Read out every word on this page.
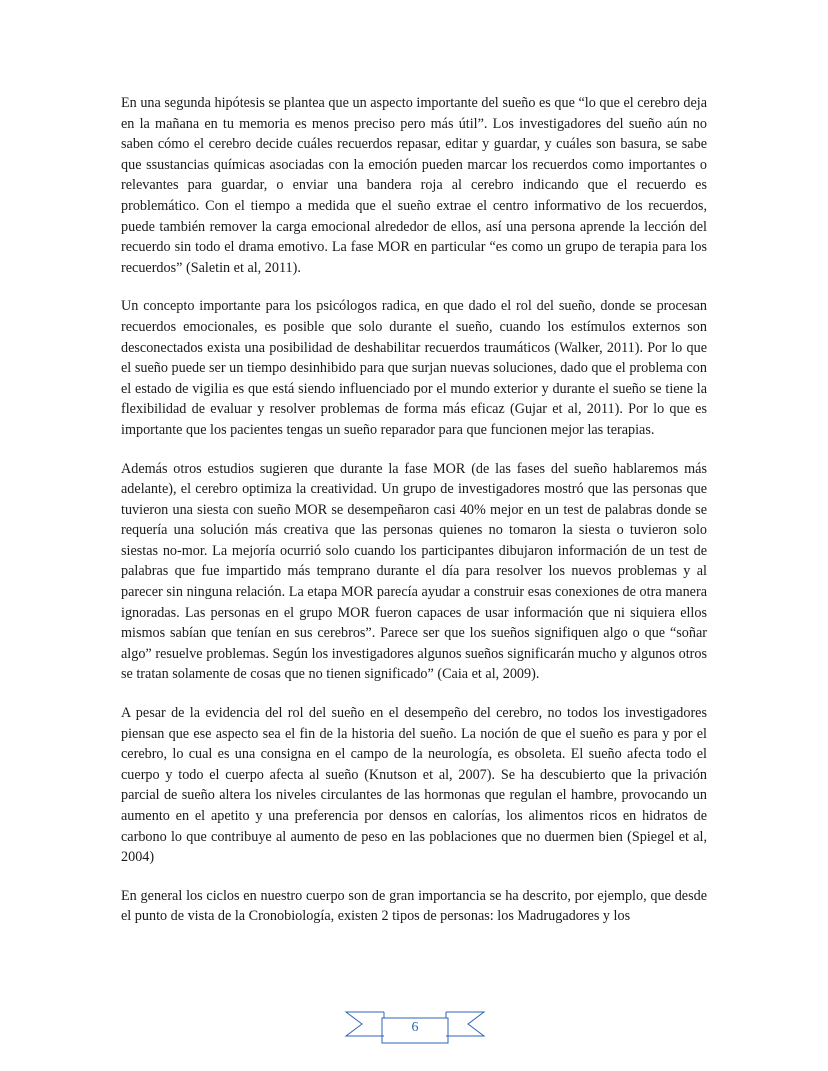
En una segunda hipótesis se plantea que un aspecto importante del sueño es que “lo que el cerebro deja en la mañana en tu memoria es menos preciso pero más útil”. Los investigadores del sueño aún no saben cómo el cerebro decide cuáles recuerdos repasar, editar y guardar, y cuáles son basura, se sabe que ssustancias químicas asociadas con la emoción pueden marcar los recuerdos como importantes o relevantes para guardar, o enviar una bandera roja al cerebro indicando que el recuerdo es problemático. Con el tiempo a medida que el sueño extrae el centro informativo de los recuerdos, puede también remover la carga emocional alrededor de ellos, así una persona aprende la lección del recuerdo sin todo el drama emotivo. La fase MOR en particular “es como un grupo de terapia para los recuerdos” (Saletin et al, 2011).

Un concepto importante para los psicólogos radica, en que dado el rol del sueño, donde se procesan recuerdos emocionales, es posible que solo durante el sueño, cuando los estímulos externos son desconectados exista una posibilidad de deshabilitar recuerdos traumáticos (Walker, 2011). Por lo que el sueño puede ser un tiempo desinhibido para que surjan nuevas soluciones, dado que el problema con el estado de vigilia es que está siendo influenciado por el mundo exterior y durante el sueño se tiene la flexibilidad de evaluar y resolver problemas de forma más eficaz (Gujar et al, 2011). Por lo que es importante que los pacientes tengas un sueño reparador para que funcionen mejor las terapias.

Además otros estudios sugieren que durante la fase MOR (de las fases del sueño hablaremos más adelante), el cerebro optimiza la creatividad. Un grupo de investigadores mostró que las personas que tuvieron una siesta con sueño MOR se desempeñaron casi 40% mejor en un test de palabras donde se requería una solución más creativa que las personas quienes no tomaron la siesta o tuvieron solo siestas no-mor. La mejoría ocurrió solo cuando los participantes dibujaron información de un test de palabras que fue impartido más temprano durante el día para resolver los nuevos problemas y al parecer sin ninguna relación. La etapa MOR parecía ayudar a construir esas conexiones de otra manera ignoradas. Las personas en el grupo MOR fueron capaces de usar información que ni siquiera ellos mismos sabían que tenían en sus cerebros”. Parece ser que los sueños signifiquen algo o que “soñar algo” resuelve problemas. Según los investigadores algunos sueños significarán mucho y algunos otros se tratan solamente de cosas que no tienen significado” (Caia et al, 2009).

A pesar de la evidencia del rol del sueño en el desempeño del cerebro, no todos los investigadores piensan que ese aspecto sea el fin de la historia del sueño. La noción de que el sueño es para y por el cerebro, lo cual es una consigna en el campo de la neurología, es obsoleta. El sueño afecta todo el cuerpo y todo el cuerpo afecta al sueño (Knutson et al, 2007). Se ha descubierto que la privación parcial de sueño altera los niveles circulantes de las hormonas que regulan el hambre, provocando un aumento en el apetito y una preferencia por densos en calorías, los alimentos ricos en hidratos de carbono lo que contribuye al aumento de peso en las poblaciones que no duermen bien (Spiegel et al, 2004)

En general los ciclos en nuestro cuerpo son de gran importancia se ha descrito, por ejemplo, que desde el punto de vista de la Cronobiología, existen 2 tipos de personas: los Madrugadores y los

6
